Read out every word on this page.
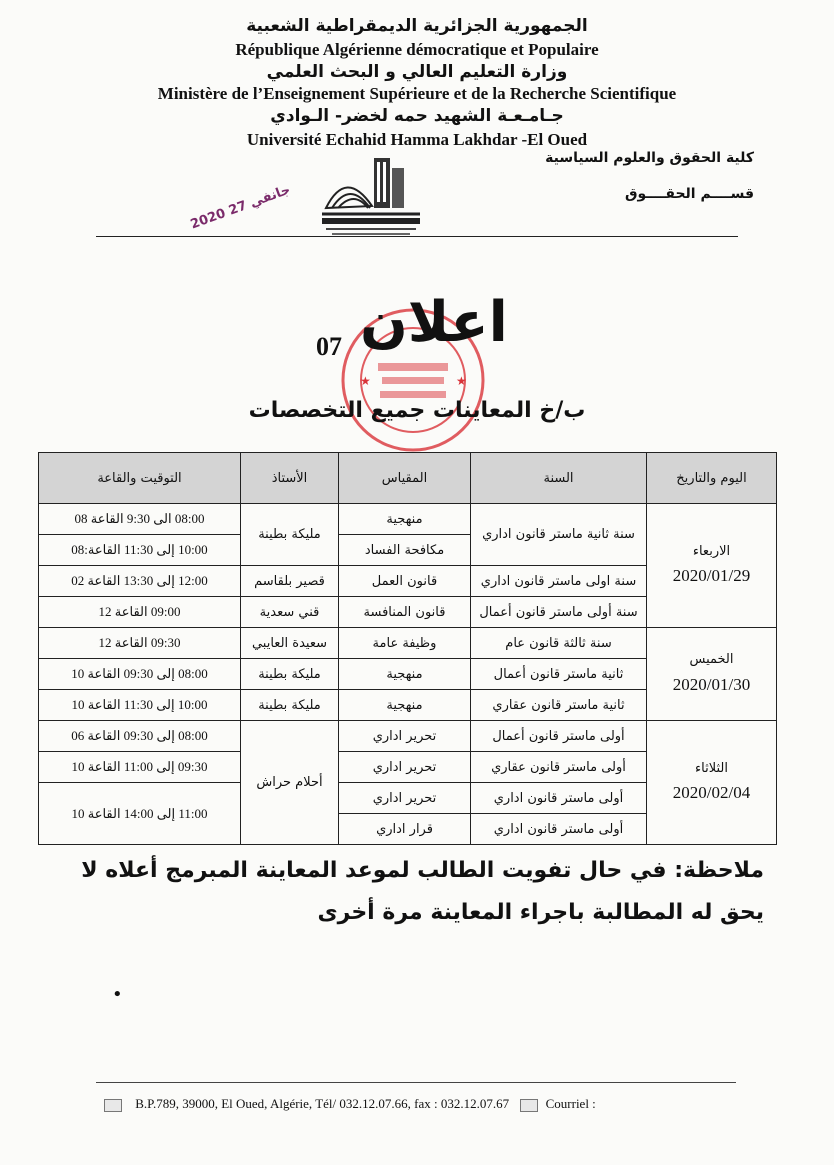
الجمهورية الجزائرية الديمقراطية الشعبية
République Algérienne démocratique et Populaire
وزارة التعليم العالي و البحث العلمي
Ministère de l’Enseignement Supérieure et de la Recherche Scientifique
جـامـعـة الشهيد حمه لخضر- الـوادي
Université Echahid Hamma Lakhdar -El Oued
كلية الحقوق والعلوم السياسية
قســــم الحقــــوق
2020 جانفي 27
★	★
اعلان
07
ب/خ المعاينات جميع التخصصات
اليوم والتاريخ	السنة	المقياس	الأستاذ	التوقيت والقاعة

الاربعاء
2020/01/29	سنة ثانية ماستر قانون اداري	منهجية	مليكة بطينة	08:00 الى 9:30 القاعة 08
		مكافحة الفساد		10:00 إلى 11:30 القاعة:08
	سنة اولى ماستر قانون اداري	قانون العمل	قصير بلقاسم	12:00 إلى 13:30 القاعة 02
	سنة أولى ماستر قانون أعمال	قانون المنافسة	قني سعدية	09:00 القاعة 12

الخميس
2020/01/30	سنة ثالثة قانون عام	وظيفة عامة	سعيدة العايبي	09:30 القاعة 12
	ثانية ماستر قانون أعمال	منهجية	مليكة بطينة	08:00 إلى 09:30 القاعة 10
	ثانية ماستر قانون عقاري	منهجية	مليكة بطينة	10:00 إلى 11:30 القاعة 10

الثلاثاء
2020/02/04	أولى ماستر قانون أعمال	تحرير اداري	أحلام حراش	08:00 إلى 09:30 القاعة 06
	أولى ماستر قانون عقاري	تحرير اداري		09:30 إلى 11:00 القاعة 10
	أولى ماستر قانون اداري	تحرير اداري		11:00 إلى 14:00 القاعة 10
	أولى ماستر قانون اداري	قرار اداري		
ملاحظة: في حال تفويت الطالب لموعد المعاينة المبرمج أعلاه لا يحق له المطالبة باجراء المعاينة مرة أخرى
•
B.P.789, 39000, El Oued, Algérie, Tél/ 032.12.07.66, fax : 032.12.07.67	Courriel :
